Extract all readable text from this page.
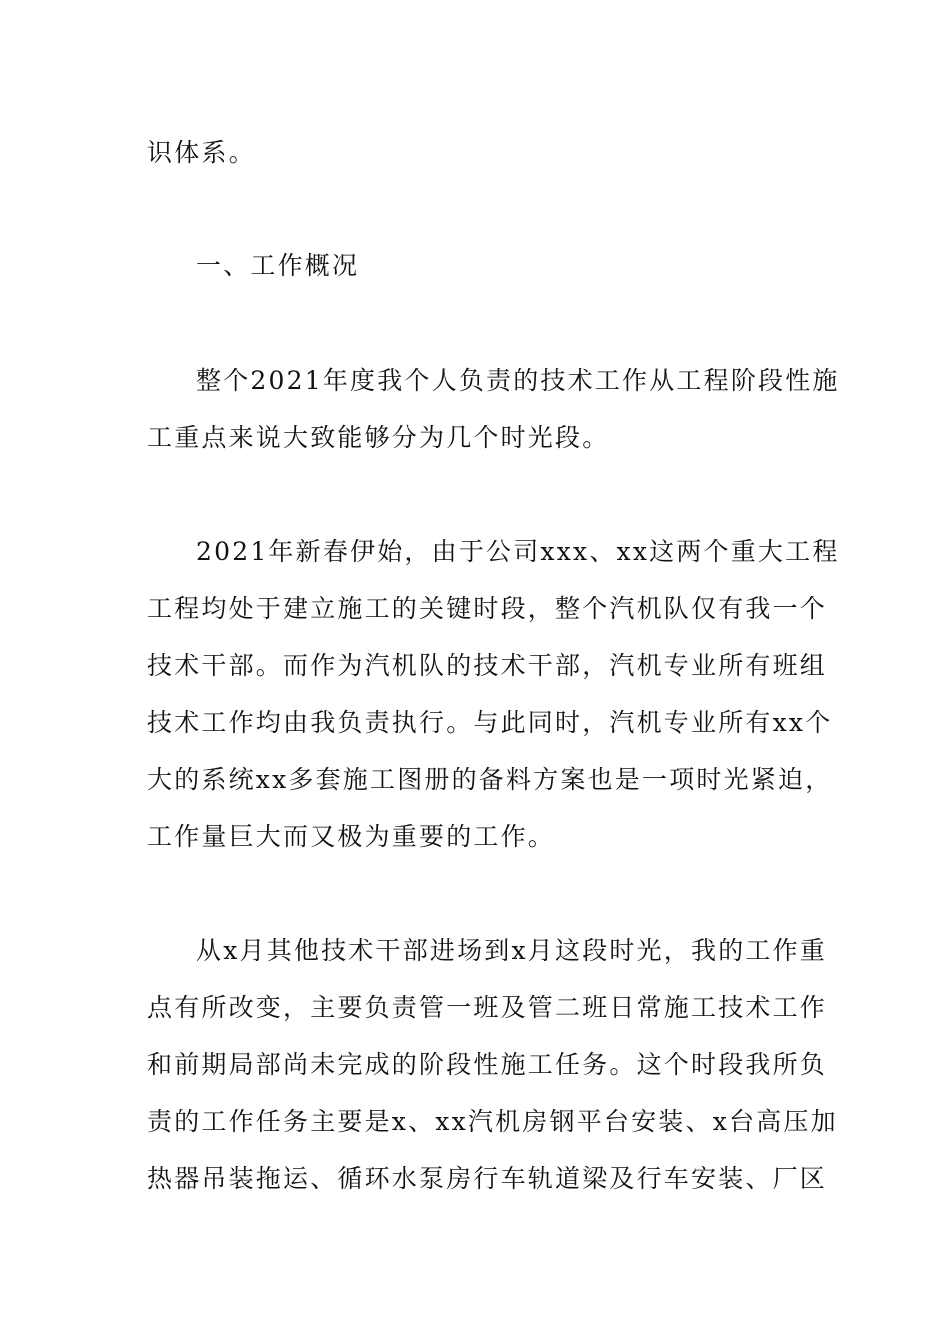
识体系。
一、工作概况
整个2021年度我个人负责的技术工作从工程阶段性施
工重点来说大致能够分为几个时光段。
2021年新春伊始，由于公司xxx、xx这两个重大工程
工程均处于建立施工的关键时段，整个汽机队仅有我一个
技术干部。而作为汽机队的技术干部，汽机专业所有班组
技术工作均由我负责执行。与此同时，汽机专业所有xx个
大的系统xx多套施工图册的备料方案也是一项时光紧迫，
工作量巨大而又极为重要的工作。
从x月其他技术干部进场到x月这段时光，我的工作重
点有所改变，主要负责管一班及管二班日常施工技术工作
和前期局部尚未完成的阶段性施工任务。这个时段我所负
责的工作任务主要是x、xx汽机房钢平台安装、x台高压加
热器吊装拖运、循环水泵房行车轨道梁及行车安装、厂区
